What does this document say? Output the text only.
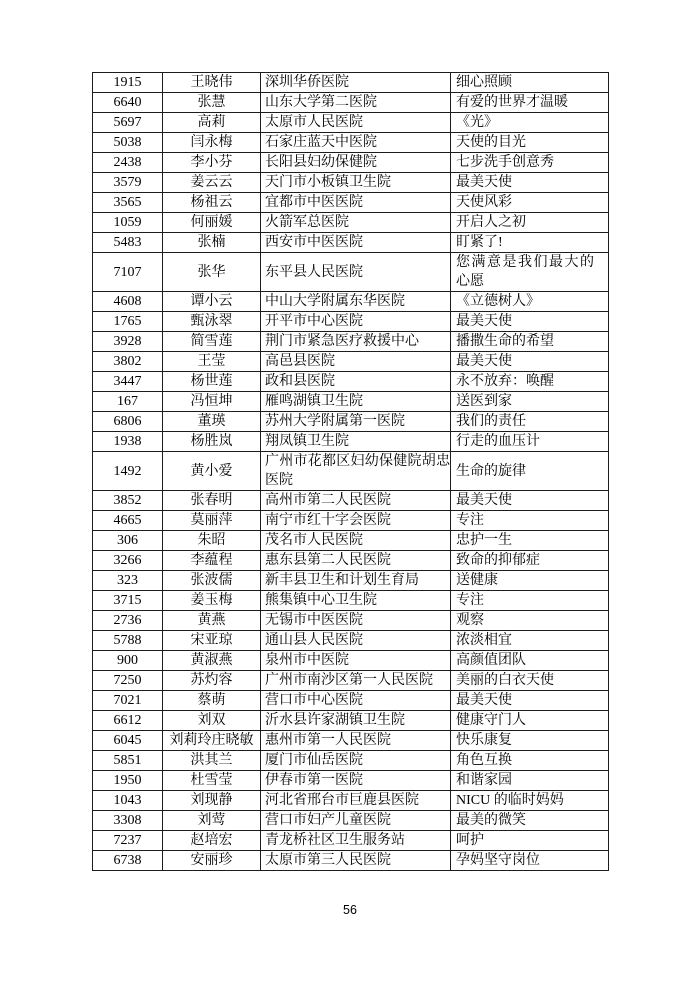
1915	王晓伟	深圳华侨医院	细心照顾
6640	张慧	山东大学第二医院	有爱的世界才温暖
5697	高莉	太原市人民医院	《光》
5038	闫永梅	石家庄蓝天中医院	天使的目光
2438	李小芬	长阳县妇幼保健院	七步洗手创意秀
3579	姜云云	天门市小板镇卫生院	最美天使
3565	杨祖云	宜都市中医医院	天使风彩
1059	何丽媛	火箭军总医院	开启人之初
5483	张楠	西安市中医医院	盯紧了!
7107	张华	东平县人民医院	您满意是我们最大的心愿
4608	谭小云	中山大学附属东华医院	《立德树人》
1765	甄泳翠	开平市中心医院	最美天使
3928	简雪莲	荆门市紧急医疗救援中心	播撒生命的希望
3802	王莹	高邑县医院	最美天使
3447	杨世莲	政和县医院	永不放弃：唤醒
167	冯恒坤	雁鸣湖镇卫生院	送医到家
6806	董瑛	苏州大学附属第一医院	我们的责任
1938	杨胜岚	翔凤镇卫生院	行走的血压计
1492	黄小爱	广州市花都区妇幼保健院胡忠医院	生命的旋律
3852	张春明	高州市第二人民医院	最美天使
4665	莫丽萍	南宁市红十字会医院	专注
306	朱昭	茂名市人民医院	忠护一生
3266	李蕴程	惠东县第二人民医院	致命的抑郁症
323	张波儒	新丰县卫生和计划生育局	送健康
3715	姜玉梅	熊集镇中心卫生院	专注
2736	黄燕	无锡市中医医院	观察
5788	宋亚琼	通山县人民医院	浓淡相宜
900	黄淑燕	泉州市中医院	高颜值团队
7250	苏灼容	广州市南沙区第一人民医院	美丽的白衣天使
7021	蔡萌	营口市中心医院	最美天使
6612	刘双	沂水县许家湖镇卫生院	健康守门人
6045	刘莉玲庄晓敏	惠州市第一人民医院	快乐康复
5851	洪其兰	厦门市仙岳医院	角色互换
1950	杜雪莹	伊春市第一医院	和谐家园
1043	刘现静	河北省邢台市巨鹿县医院	NICU 的临时妈妈
3308	刘莺	营口市妇产儿童医院	最美的微笑
7237	赵培宏	青龙桥社区卫生服务站	呵护
6738	安丽珍	太原市第三人民医院	孕妈坚守岗位
56
